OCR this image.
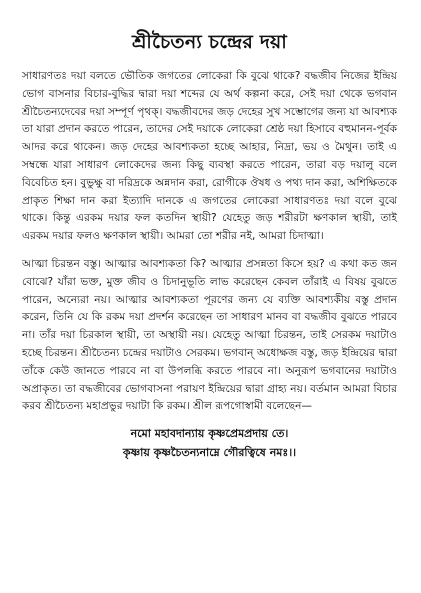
শ্রীচৈতন্য চন্দ্রের দয়া

সাধারণতঃ দয়া বলতে ভৌতিক জগতের লোকেরা কি বুঝে থাকে? বদ্ধজীব নিজের ইন্দ্রিয় ভোগ বাসনার বিচার-বুদ্ধির দ্বারা দয়া শব্দের যে অর্থ কল্পনা করে, সেই দয়া থেকে ভগবান শ্রীচৈতন্যদেবের দয়া সম্পূর্ণ পৃথক্। বদ্ধজীবদের জড় দেহের সুখ সম্ভোগের জন্য যা আবশ্যক তা যারা প্রদান করতে পারেন, তাদের সেই দয়াকে লোকেরা শ্রেষ্ঠ দয়া হিসাবে বহুমানন-পূর্বক আদর করে থাকেন। জড় দেহের আবশ্যকতা হচ্ছে আহার, নিদ্রা, ভয় ও মৈথুন। তাই এ সম্বন্ধে যারা সাধারণ লোকেদের জন্য কিছু ব্যবস্থা করতে পারেন, তারা বড় দয়ালু বলে বিবেচিত হন। বুভুক্ষু বা দরিদ্রকে অন্নদান করা, রোগীকে ঔষধ ও পথ্য দান করা, অশিক্ষিতকে প্রাকৃত শিক্ষা দান করা ইত্যাদি দানকে এ জগতের লোকেরা সাধারণতঃ দয়া বলে বুঝে থাকে। কিন্তু এরকম দয়ার ফল কতদিন স্থায়ী? যেহেতু জড় শরীরটা ক্ষণকাল স্থায়ী, তাই এরকম দয়ার ফলও ক্ষণকাল স্থায়ী। আমরা তো শরীর নই, আমরা চিদাত্মা।

আত্মা চিরন্তন বস্তু। আত্মার আবশ্যকতা কি? আত্মার প্রসন্নতা কিসে হয়? এ কথা কত জন বোঝে? যাঁরা ভক্ত, মুক্ত জীব ও চিদানুভূতি লাভ করেছেন কেবল তাঁরাই এ বিষয় বুঝতে পারেন, অন্যেরা নয়। আত্মার আবশ্যকতা পূরণের জন্য যে ব্যক্তি আবশ্যকীয় বস্তু প্রদান করেন, তিনি যে কি রকম দয়া প্রদর্শন করেছেন তা সাধারণ মানব বা বদ্ধজীব বুঝতে পারবে না। তাঁর দয়া চিরকাল স্থায়ী, তা অস্থায়ী নয়। যেহেতু আত্মা চিরন্তন, তাই সেরকম দয়াটাও হচ্ছে চিরন্তন। শ্রীচৈতন্য চন্দ্রের দয়াটাও সেরকম। ভগবান্ অধোক্ষজ বস্তু, জড় ইন্দ্রিয়ের দ্বারা তাঁকে কেউ জানতে পারবে না বা উপলব্ধি করতে পারবে না। অনুরূপ ভগবানের দয়াটাও অপ্রাকৃত। তা বদ্ধজীবের ভোগবাসনা পরায়ণ ইন্দ্রিয়ের দ্বারা গ্রাহ্য নয়। বর্তমান আমরা বিচার করব শ্রীচৈতন্য মহাপ্রভুর দয়াটা কি রকম। শ্রীল রূপগোস্বামী বলেছেন—

নমো মহাবদান্যায় কৃষ্ণপ্রেমপ্রদায় তে।
কৃষ্ণায় কৃষ্ণচৈতন্যনাম্নে গৌরত্বিষে নমঃ।।
